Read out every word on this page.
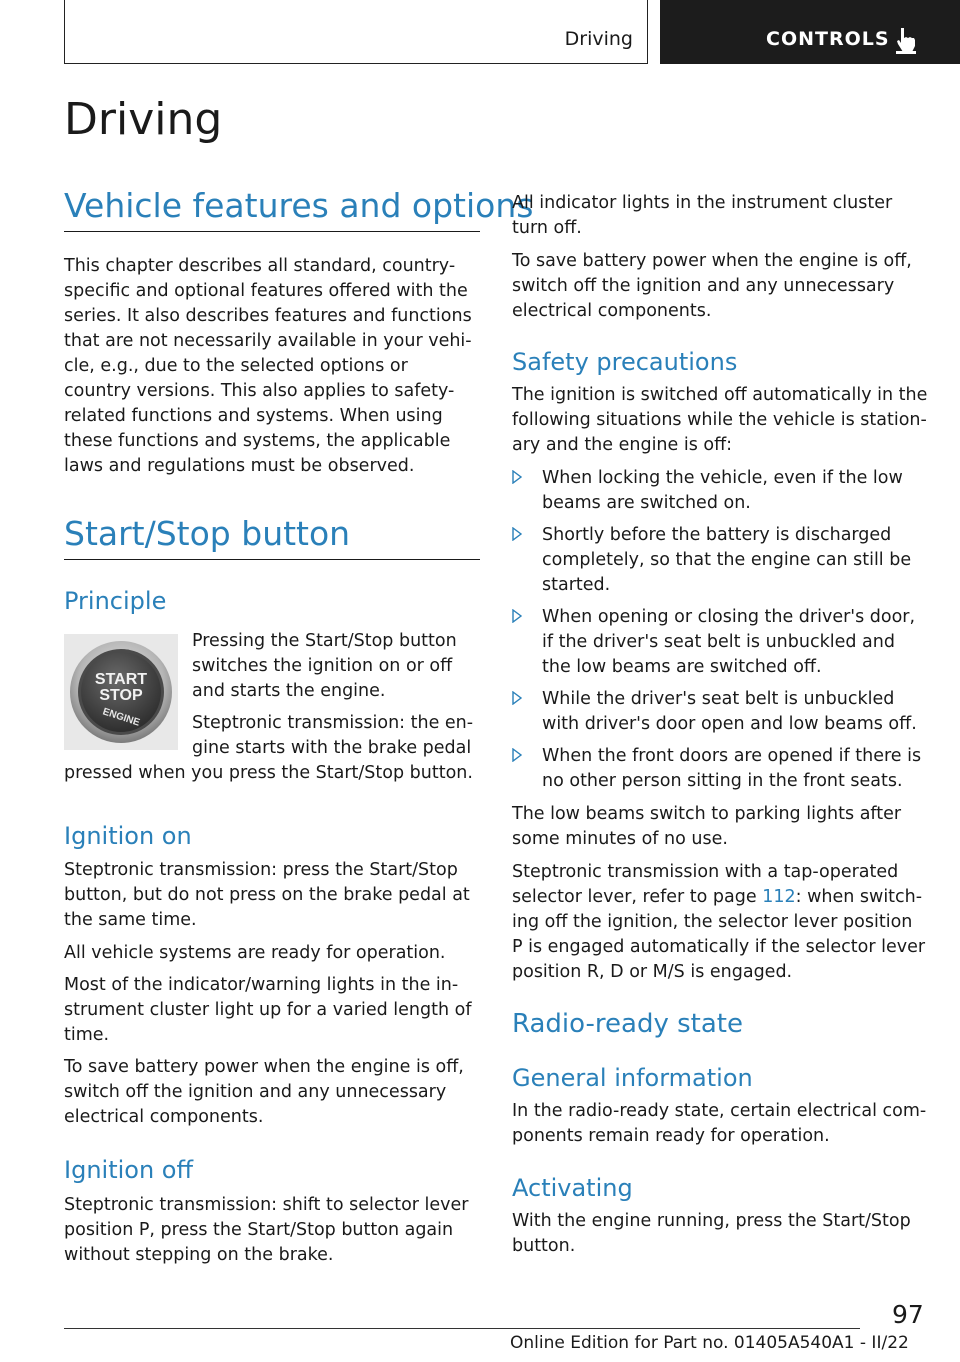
Driving	CONTROLS
Driving
Vehicle features and options

This chapter describes all standard, country-specific and optional features offered with the series. It also describes features and functions that are not necessarily available in your vehi‐cle, e.g., due to the selected options or country versions. This also applies to safety-related functions and systems. When using these functions and systems, the applicable laws and regulations must be observed.

Start/Stop button
Principle

Pressing the Start/Stop button switches the ignition on or off and starts the engine.

Steptronic transmission: the en‐

gine starts with the brake pedal

pressed when you press the Start/Stop button.

Ignition on

Steptronic transmission: press the Start/Stop button, but do not press on the brake pedal at the same time.

All vehicle systems are ready for operation.

Most of the indicator/warning lights in the in‐strument cluster light up for a varied length of time.

To save battery power when the engine is off, switch off the ignition and any unnecessary electrical components.

Ignition off

Steptronic transmission: shift to selector lever position P, press the Start/Stop button again without stepping on the brake.

START
STOP
ENGINE

All indicator lights in the instrument cluster turn off.

To save battery power when the engine is off, switch off the ignition and any unnecessary electrical components.

Safety precautions

The ignition is switched off automatically in the following situations while the vehicle is station‐ary and the engine is off:

When locking the vehicle, even if the low beams are switched on.
Shortly before the battery is discharged completely, so that the engine can still be started.
When opening or closing the driver's door, if the driver's seat belt is unbuckled and the low beams are switched off.
While the driver's seat belt is unbuckled with driver's door open and low beams off.
When the front doors are opened if there is no other person sitting in the front seats.

The low beams switch to parking lights after some minutes of no use.

Steptronic transmission with a tap-operated selector lever, refer to page 112: when switch‐ing off the ignition, the selector lever position P is engaged automatically if the selector lever position R, D or M/S is engaged.

Radio-ready state
General information

In the radio-ready state, certain electrical com‐ponents remain ready for operation.

Activating

With the engine running, press the Start/Stop button.

97
Online Edition for Part no. 01405A540A1 - II/22
